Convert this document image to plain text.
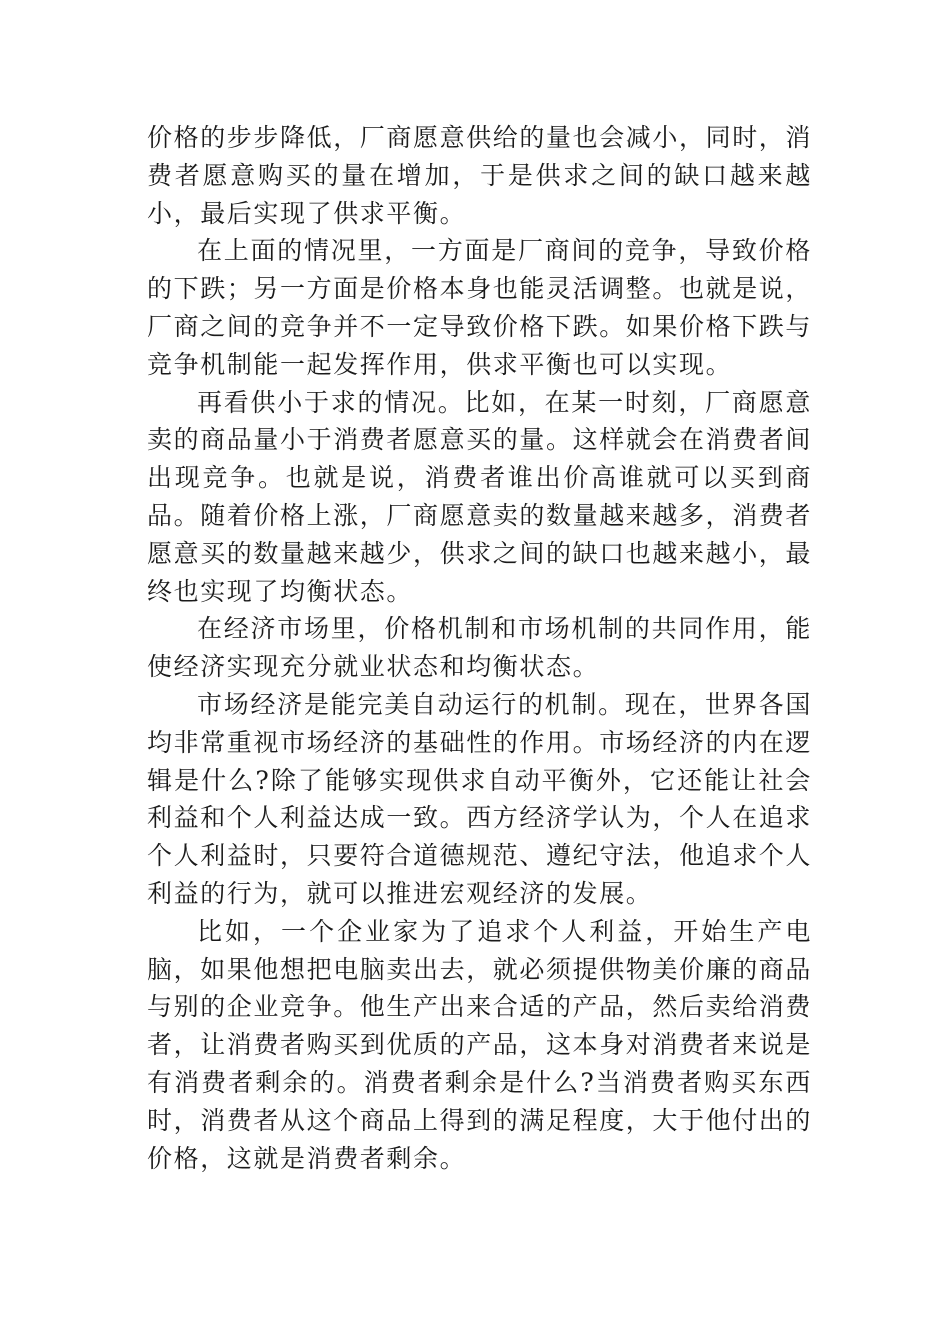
价格的步步降低，厂商愿意供给的量也会减小，同时，消费者愿意购买的量在增加，于是供求之间的缺口越来越小，最后实现了供求平衡。

在上面的情况里，一方面是厂商间的竞争，导致价格的下跌；另一方面是价格本身也能灵活调整。也就是说，厂商之间的竞争并不一定导致价格下跌。如果价格下跌与竞争机制能一起发挥作用，供求平衡也可以实现。

再看供小于求的情况。比如，在某一时刻，厂商愿意卖的商品量小于消费者愿意买的量。这样就会在消费者间出现竞争。也就是说，消费者谁出价高谁就可以买到商品。随着价格上涨，厂商愿意卖的数量越来越多，消费者愿意买的数量越来越少，供求之间的缺口也越来越小，最终也实现了均衡状态。

在经济市场里，价格机制和市场机制的共同作用，能使经济实现充分就业状态和均衡状态。

市场经济是能完美自动运行的机制。现在，世界各国均非常重视市场经济的基础性的作用。市场经济的内在逻辑是什么?除了能够实现供求自动平衡外，它还能让社会利益和个人利益达成一致。西方经济学认为，个人在追求个人利益时，只要符合道德规范、遵纪守法，他追求个人利益的行为，就可以推进宏观经济的发展。

比如，一个企业家为了追求个人利益，开始生产电脑，如果他想把电脑卖出去，就必须提供物美价廉的商品与别的企业竞争。他生产出来合适的产品，然后卖给消费者，让消费者购买到优质的产品，这本身对消费者来说是有消费者剩余的。消费者剩余是什么?当消费者购买东西时，消费者从这个商品上得到的满足程度，大于他付出的价格，这就是消费者剩余。
